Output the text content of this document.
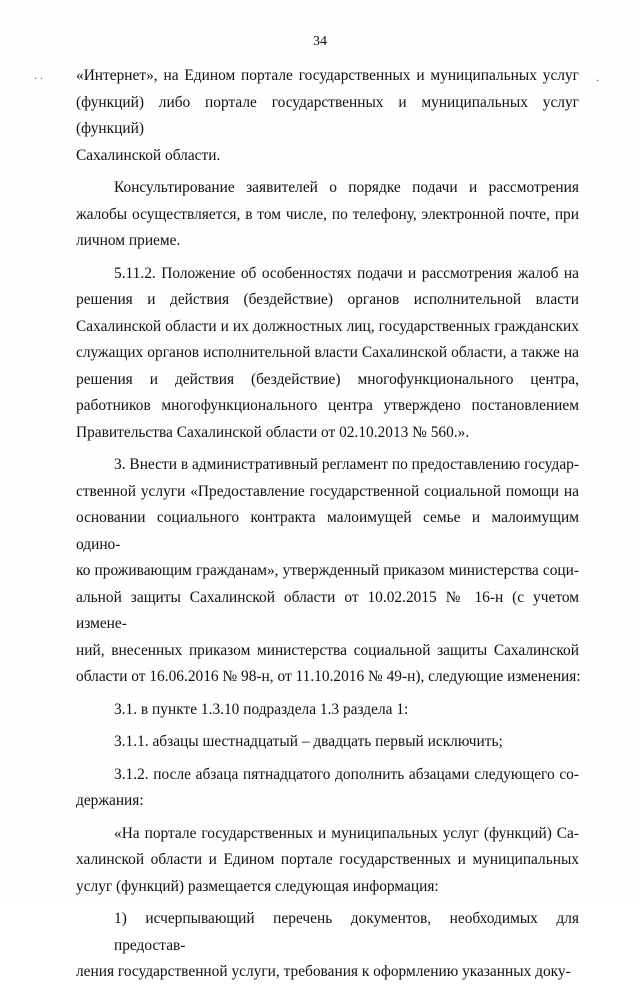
34
. .	.
«Интернет», на Едином портале государственных и муниципальных услуг
(функций) либо портале государственных и муниципальных услуг (функций)
Сахалинской области.
Консультирование заявителей о порядке подачи и рассмотрения
жалобы осуществляется, в том числе, по телефону, электронной почте, при
личном приеме.
5.11.2. Положение об особенностях подачи и рассмотрения жалоб на
решения и действия (бездействие) органов исполнительной власти
Сахалинской области и их должностных лиц, государственных гражданских
служащих органов исполнительной власти Сахалинской области, а также на
решения и действия (бездействие) многофункционального центра,
работников многофункционального центра утверждено постановлением
Правительства Сахалинской области от 02.10.2013 № 560.».
3. Внести в административный регламент по предоставлению государ-
ственной услуги «Предоставление государственной социальной помощи на
основании социального контракта малоимущей семье и малоимущим одино-
ко проживающим гражданам», утвержденный приказом министерства соци-
альной защиты Сахалинской области от 10.02.2015 № 16-н (с учетом измене-
ний, внесенных приказом министерства социальной защиты Сахалинской
области от 16.06.2016 № 98-н, от 11.10.2016 № 49-н), следующие изменения:
3.1. в пункте 1.3.10 подраздела 1.3 раздела 1:
3.1.1. абзацы шестнадцатый – двадцать первый исключить;
3.1.2. после абзаца пятнадцатого дополнить абзацами следующего со-
держания:
«На портале государственных и муниципальных услуг (функций) Са-
халинской области и Едином портале государственных и муниципальных
услуг (функций) размещается следующая информация:
1) исчерпывающий перечень документов, необходимых для предостав-
ления государственной услуги, требования к оформлению указанных доку-
